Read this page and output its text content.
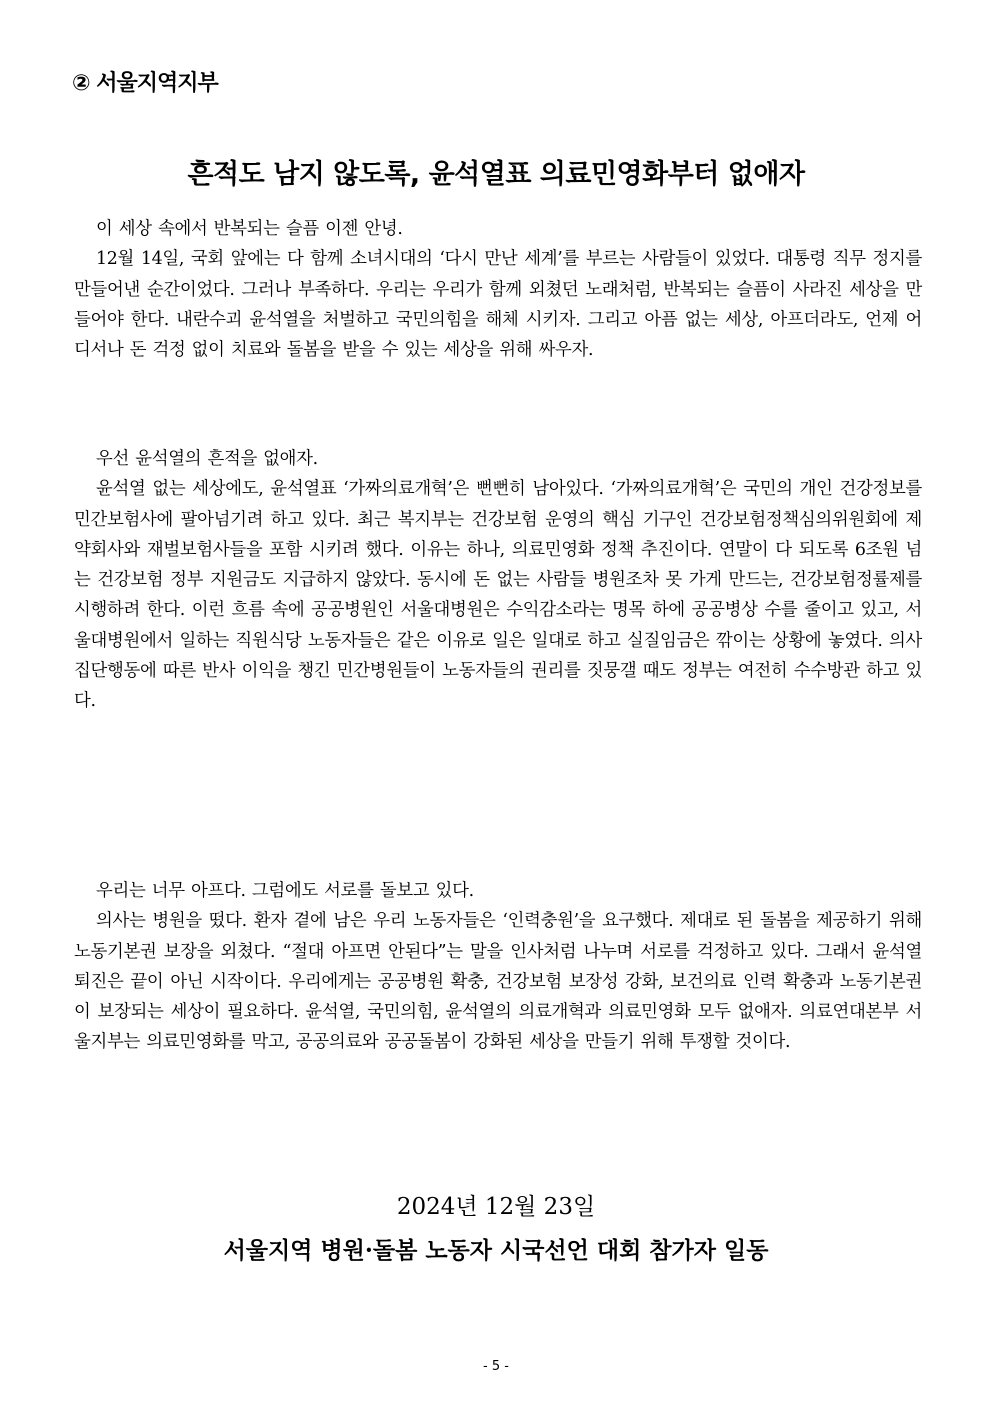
② 서울지역지부
흔적도 남지 않도록, 윤석열표 의료민영화부터 없애자

이 세상 속에서 반복되는 슬픔 이젠 안녕.

12월 14일, 국회 앞에는 다 함께 소녀시대의 ‘다시 만난 세계’를 부르는 사람들이 있었다. 대통령 직무 정지를 만들어낸 순간이었다. 그러나 부족하다. 우리는 우리가 함께 외쳤던 노래처럼, 반복되는 슬픔이 사라진 세상을 만들어야 한다. 내란수괴 윤석열을 처벌하고 국민의힘을 해체 시키자. 그리고 아픔 없는 세상, 아프더라도, 언제 어디서나 돈 걱정 없이 치료와 돌봄을 받을 수 있는 세상을 위해 싸우자.

우선 윤석열의 흔적을 없애자.

윤석열 없는 세상에도, 윤석열표 ‘가짜의료개혁’은 뻔뻔히 남아있다. ‘가짜의료개혁’은 국민의 개인 건강정보를 민간보험사에 팔아넘기려 하고 있다. 최근 복지부는 건강보험 운영의 핵심 기구인 건강보험정책심의위원회에 제약회사와 재벌보험사들을 포함 시키려 했다. 이유는 하나, 의료민영화 정책 추진이다. 연말이 다 되도록 6조원 넘는 건강보험 정부 지원금도 지급하지 않았다. 동시에 돈 없는 사람들 병원조차 못 가게 만드는, 건강보험정률제를 시행하려 한다. 이런 흐름 속에 공공병원인 서울대병원은 수익감소라는 명목 하에 공공병상 수를 줄이고 있고, 서울대병원에서 일하는 직원식당 노동자들은 같은 이유로 일은 일대로 하고 실질임금은 깎이는 상황에 놓였다. 의사집단행동에 따른 반사 이익을 챙긴 민간병원들이 노동자들의 권리를 짓뭉갤 때도 정부는 여전히 수수방관 하고 있다.

우리는 너무 아프다. 그럼에도 서로를 돌보고 있다.

의사는 병원을 떴다. 환자 곁에 남은 우리 노동자들은 ‘인력충원’을 요구했다. 제대로 된 돌봄을 제공하기 위해 노동기본권 보장을 외쳤다. “절대 아프면 안된다”는 말을 인사처럼 나누며 서로를 걱정하고 있다. 그래서 윤석열 퇴진은 끝이 아닌 시작이다. 우리에게는 공공병원 확충, 건강보험 보장성 강화, 보건의료 인력 확충과 노동기본권이 보장되는 세상이 필요하다. 윤석열, 국민의힘, 윤석열의 의료개혁과 의료민영화 모두 없애자. 의료연대본부 서울지부는 의료민영화를 막고, 공공의료와 공공돌봄이 강화된 세상을 만들기 위해 투쟁할 것이다.

2024년 12월 23일
서울지역 병원·돌봄 노동자 시국선언 대회 참가자 일동
- 5 -
